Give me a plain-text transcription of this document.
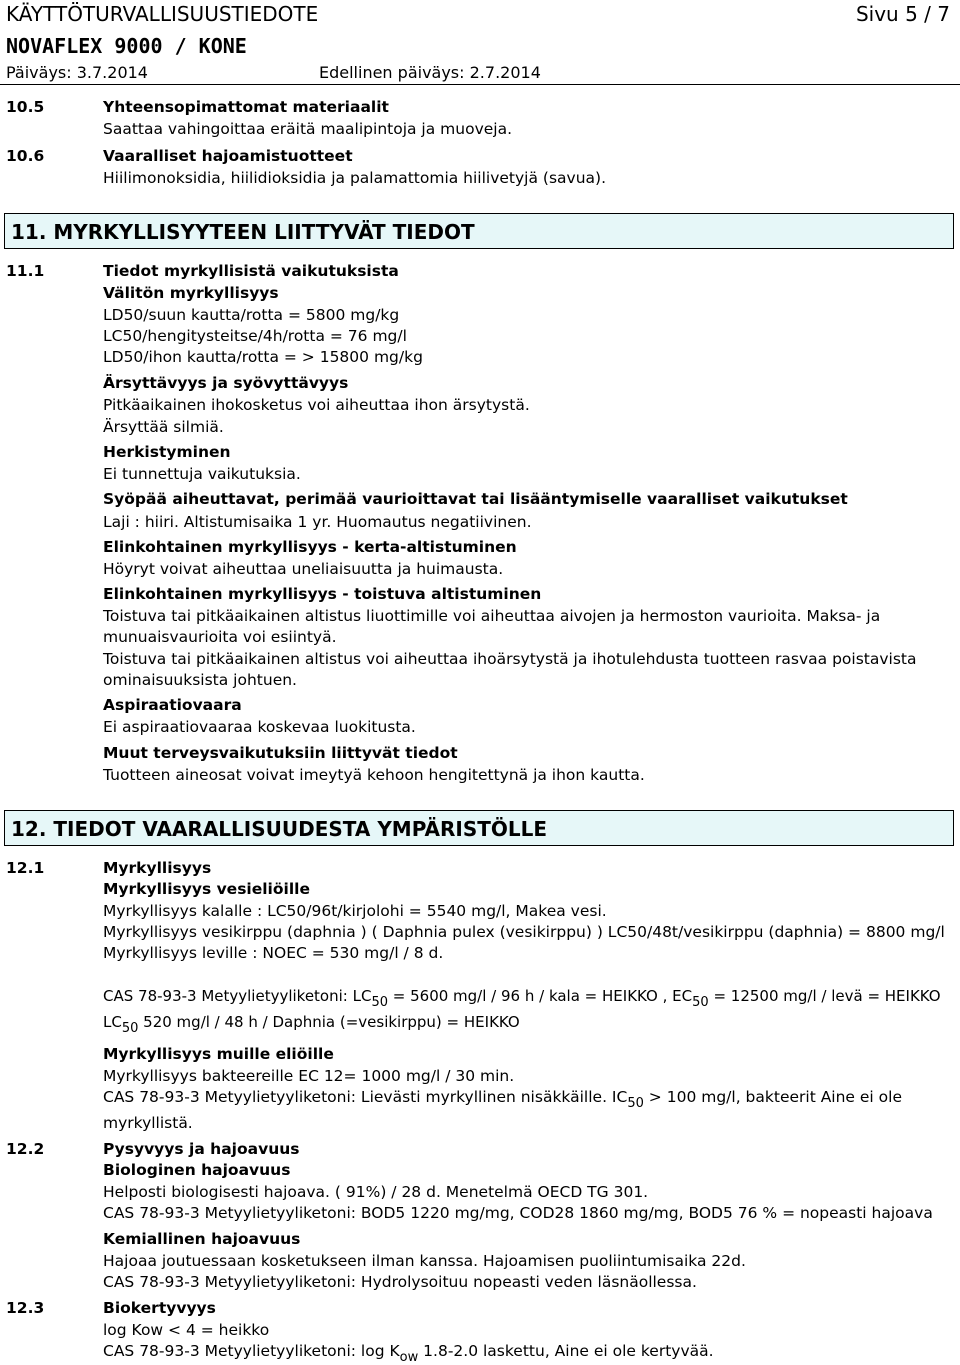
KÄYTTÖTURVALLISUUSTIEDOTE	Sivu 5 / 7
NOVAFLEX 9000 / KONE
Päiväys: 3.7.2014	Edellinen päiväys: 2.7.2014
10.5	Yhteensopimattomat materiaalit
Saattaa vahingoittaa eräitä maalipintoja ja muoveja.
10.6	Vaaralliset hajoamistuotteet
Hiilimonoksidia, hiilidioksidia ja palamattomia hiilivetyjä (savua).
11. MYRKYLLISYYTEEN LIITTYVÄT TIEDOT
11.1	Tiedot myrkyllisistä vaikutuksista
Välitön myrkyllisyys
LD50/suun kautta/rotta = 5800 mg/kg
LC50/hengitysteitse/4h/rotta = 76 mg/l
LD50/ihon kautta/rotta = > 15800 mg/kg
Ärsyttävyys ja syövyttävyys
Pitkäaikainen ihokosketus voi aiheuttaa ihon ärsytystä.
Ärsyttää silmiä.
Herkistyminen
Ei tunnettuja vaikutuksia.
Syöpää aiheuttavat, perimää vaurioittavat tai lisääntymiselle vaaralliset vaikutukset
Laji : hiiri. Altistumisaika 1 yr. Huomautus negatiivinen.
Elinkohtainen myrkyllisyys - kerta-altistuminen
Höyryt voivat aiheuttaa uneliaisuutta ja huimausta.
Elinkohtainen myrkyllisyys - toistuva altistuminen
Toistuva tai pitkäaikainen altistus liuottimille voi aiheuttaa aivojen ja hermoston vaurioita. Maksa- ja munuaisvaurioita voi esiintyä.
Toistuva tai pitkäaikainen altistus voi aiheuttaa ihoärsytystä ja ihotulehdusta tuotteen rasvaa poistavista ominaisuuksista johtuen.
Aspiraatiovaara
Ei aspiraatiovaaraa koskevaa luokitusta.
Muut terveysvaikutuksiin liittyvät tiedot
Tuotteen aineosat voivat imeytyä kehoon hengitettynä ja ihon kautta.
12. TIEDOT VAARALLISUUDESTA YMPÄRISTÖLLE
12.1	Myrkyllisyys
Myrkyllisyys vesieliöille
Myrkyllisyys kalalle : LC50/96t/kirjolohi = 5540 mg/l, Makea vesi.
Myrkyllisyys vesikirppu (daphnia ) ( Daphnia pulex (vesikirppu) ) LC50/48t/vesikirppu (daphnia) = 8800 mg/l
Myrkyllisyys leville : NOEC = 530 mg/l / 8 d.
CAS 78-93-3 Metyylietyyliketoni: $LC_{50} = 5600$ mg/l / 96 h / kala = HEIKKO , $EC_{50} = 12500$ mg/l / levä = HEIKKO
$LC_{50}$ 520 mg/l / 48 h / Daphnia (=vesikirppu) = HEIKKO
Myrkyllisyys muille eliöille
Myrkyllisyys bakteereille EC 12= 1000 mg/l / 30 min.
CAS 78-93-3 Metyylietyyliketoni: Lievästi myrkyllinen nisäkkäille. $IC_{50} > 100$ mg/l, bakteerit Aine ei ole
myrkyllistä.
12.2	Pysyvyys ja hajoavuus
Biologinen hajoavuus
Helposti biologisesti hajoava. ( 91%) / 28 d. Menetelmä OECD TG 301.
CAS 78-93-3 Metyylietyyliketoni: BOD5 1220 mg/mg, COD28 1860 mg/mg, BOD5 76 % = nopeasti hajoava
Kemiallinen hajoavuus
Hajoaa joutuessaan kosketukseen ilman kanssa. Hajoamisen puoliintumisaika 22d.
CAS 78-93-3 Metyylietyyliketoni: Hydrolysoituu nopeasti veden läsnäollessa.
12.3	Biokertyvyys
log Kow < 4 = heikko
CAS 78-93-3 Metyylietyyliketoni: $\log K_{ow}$ 1.8-2.0 laskettu, Aine ei ole kertyvää.
